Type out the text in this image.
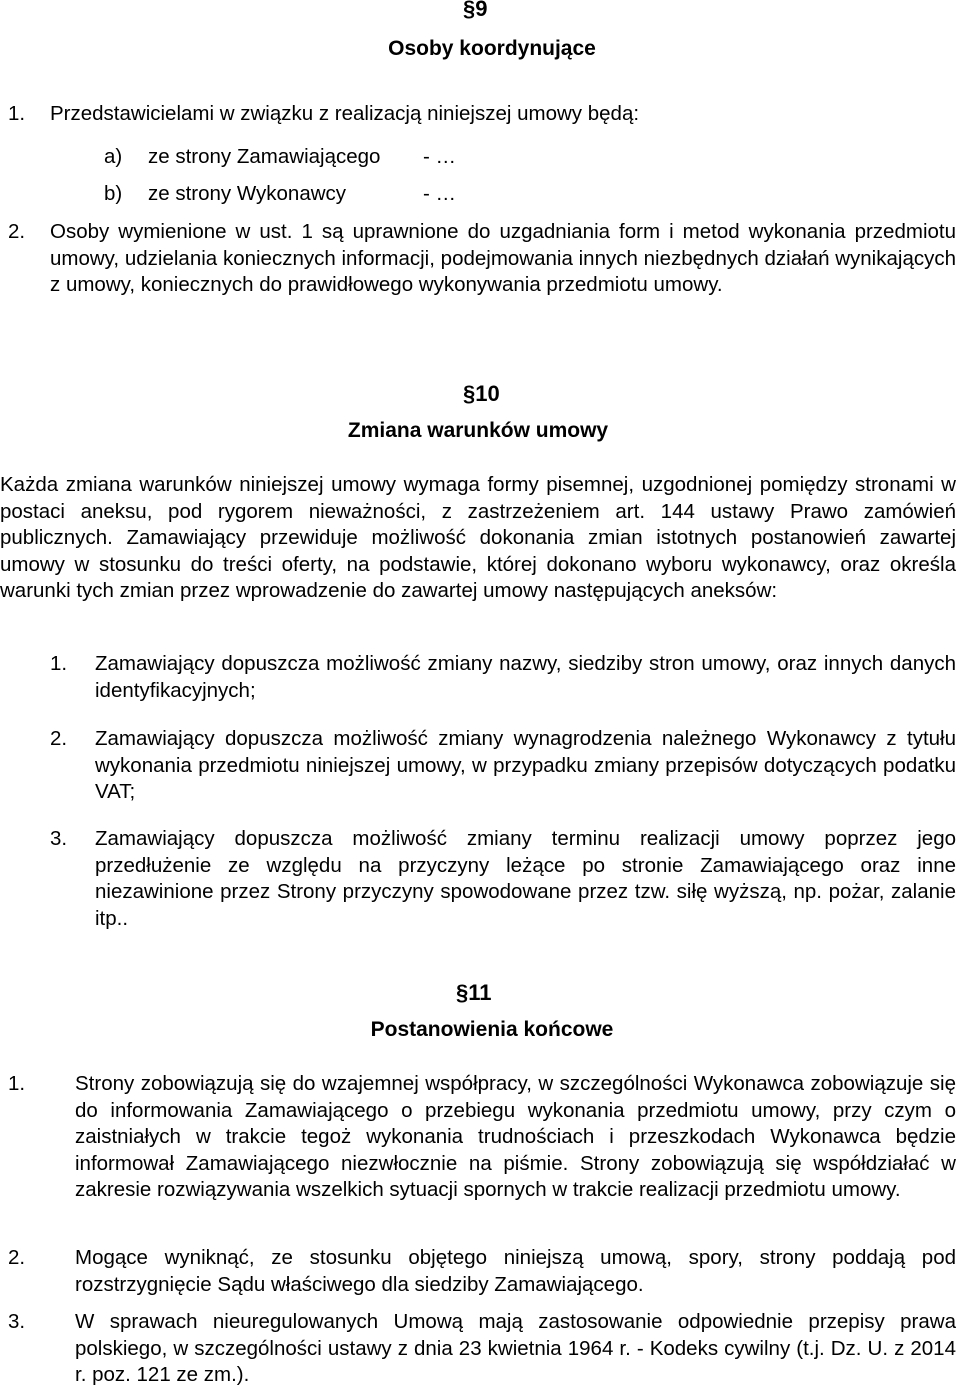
§9
Osoby koordynujące
1. Przedstawicielami w związku z realizacją niniejszej umowy będą:
a) ze strony Zamawiającego - …
b) ze strony Wykonawcy	- …
2. Osoby wymienione w ust. 1 są uprawnione do uzgadniania form i metod wykonania przedmiotu umowy, udzielania koniecznych informacji, podejmowania innych niezbędnych działań wynikających z umowy, koniecznych do prawidłowego wykonywania przedmiotu umowy.
§10
Zmiana warunków umowy
Każda zmiana warunków niniejszej umowy wymaga formy pisemnej, uzgodnionej pomiędzy stronami w postaci aneksu, pod rygorem nieważności, z zastrzeżeniem art. 144 ustawy Prawo zamówień publicznych. Zamawiający przewiduje możliwość dokonania zmian istotnych postanowień zawartej umowy w stosunku do treści oferty, na podstawie, której dokonano wyboru wykonawcy, oraz określa warunki tych zmian przez wprowadzenie do zawartej umowy następujących aneksów:
1. Zamawiający dopuszcza możliwość zmiany nazwy, siedziby stron umowy, oraz innych danych identyfikacyjnych;
2. Zamawiający dopuszcza możliwość zmiany wynagrodzenia należnego Wykonawcy z tytułu wykonania przedmiotu niniejszej umowy, w przypadku zmiany przepisów dotyczących podatku VAT;
3. Zamawiający dopuszcza możliwość zmiany terminu realizacji umowy poprzez jego przedłużenie ze względu na przyczyny leżące po stronie Zamawiającego oraz inne niezawinione przez Strony przyczyny spowodowane przez tzw. siłę wyższą, np. pożar, zalanie itp..
§11
Postanowienia końcowe
1. Strony zobowiązują się do wzajemnej współpracy, w szczególności Wykonawca zobowiązuje się do informowania Zamawiającego o przebiegu wykonania przedmiotu umowy, przy czym o zaistniałych w trakcie tegoż wykonania trudnościach i przeszkodach Wykonawca będzie informował Zamawiającego niezwłocznie na piśmie. Strony zobowiązują się współdziałać w zakresie rozwiązywania wszelkich sytuacji spornych w trakcie realizacji przedmiotu umowy.
2. Mogące wyniknąć, ze stosunku objętego niniejszą umową, spory, strony poddają pod rozstrzygnięcie Sądu właściwego dla siedziby Zamawiającego.
3. W sprawach nieuregulowanych Umową mają zastosowanie odpowiednie przepisy prawa polskiego, w szczególności ustawy z dnia 23 kwietnia 1964 r. - Kodeks cywilny (t.j. Dz. U. z 2014 r. poz. 121 ze zm.).
